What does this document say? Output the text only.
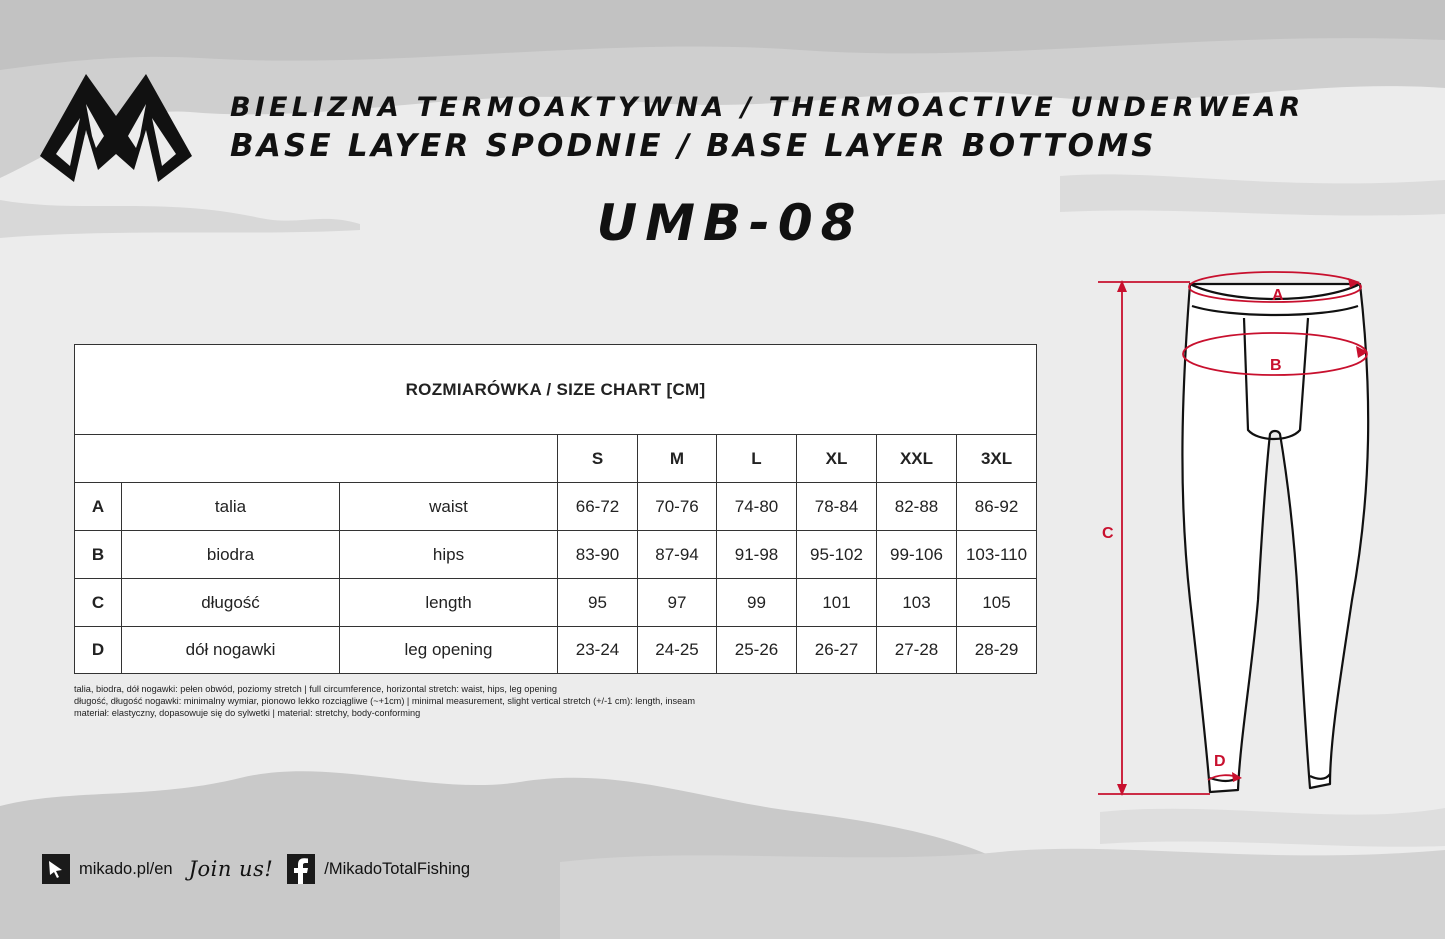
BIELIZNA TERMOAKTYWNA / THERMOACTIVE UNDERWEAR
BASE LAYER SPODNIE / BASE LAYER BOTTOMS
UMB-08
ROZMIARÓWKA / SIZE CHART [CM]								
			S	M	L	XL	XXL	3XL
A	talia	waist	66-72	70-76	74-80	78-84	82-88	86-92
B	biodra	hips	83-90	87-94	91-98	95-102	99-106	103-110
C	długość	length	95	97	99	101	103	105
D	dół nogawki	leg opening	23-24	24-25	25-26	26-27	27-28	28-29
talia, biodra, dół nogawki: pełen obwód, poziomy stretch | full circumference, horizontal stretch: waist, hips, leg opening
długość, długość nogawki: minimalny wymiar, pionowo lekko rozciągliwe (~+1cm) | minimal measurement, slight vertical stretch (+/-1 cm): length, inseam
materiał: elastyczny, dopasowuje się do sylwetki | material: stretchy, body-conforming
A
B
C
D
mikado.pl/en Join us!	/MikadoTotalFishing
